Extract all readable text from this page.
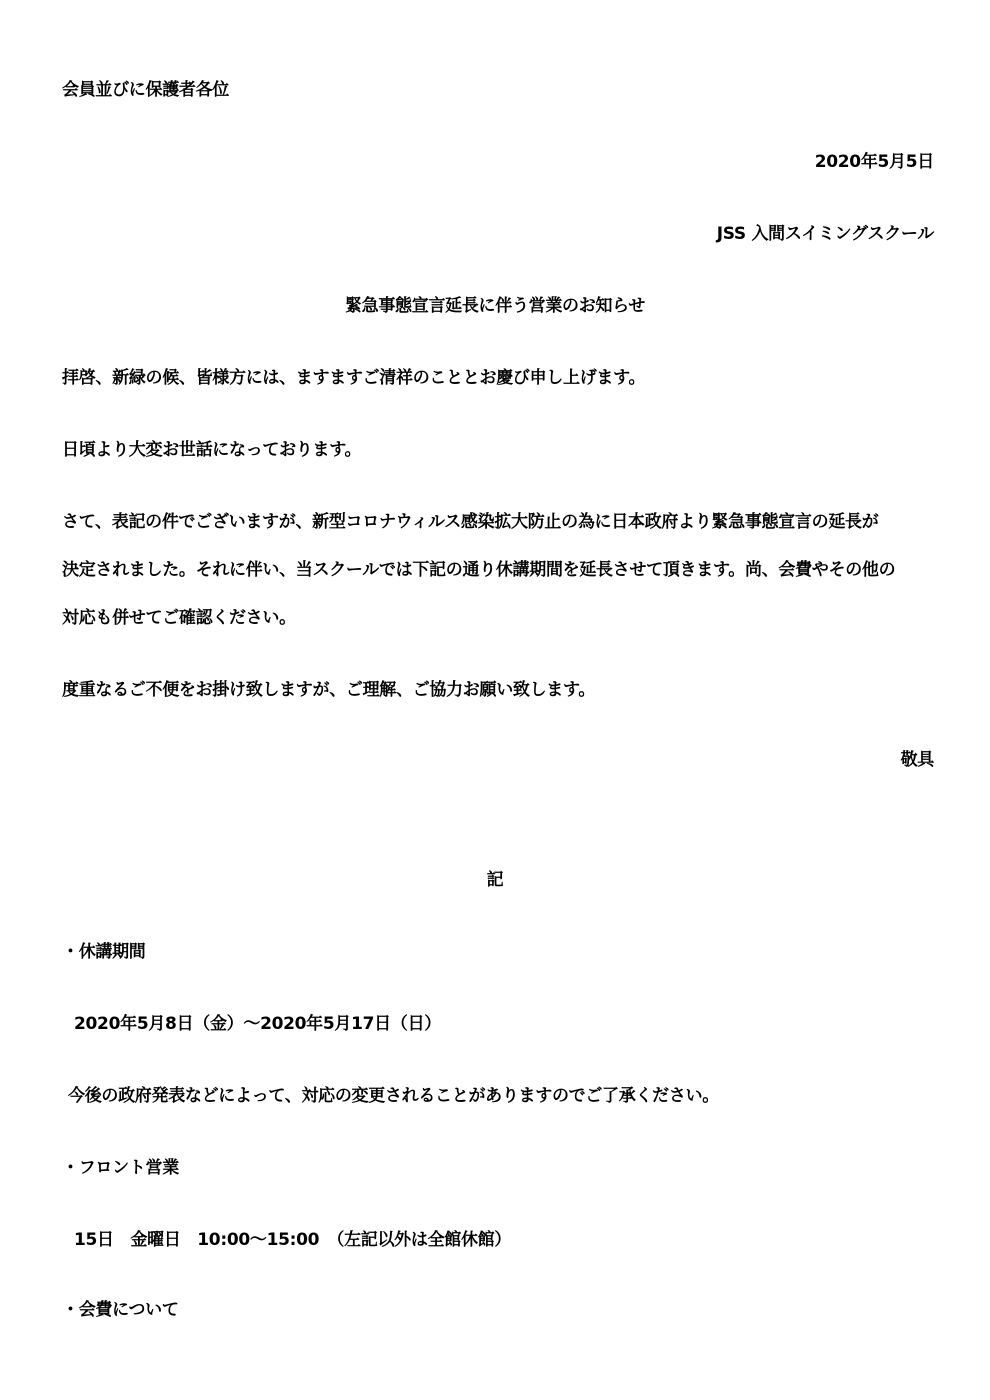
会員並びに保護者各位
2020年5月5日
JSS 入間スイミングスクール
緊急事態宣言延長に伴う営業のお知らせ
拝啓、新緑の候、皆様方には、ますますご清祥のこととお慶び申し上げます。
日頃より大変お世話になっております。
さて、表記の件でございますが、新型コロナウィルス感染拡大防止の為に日本政府より緊急事態宣言の延長が
決定されました。それに伴い、当スクールでは下記の通り休講期間を延長させて頂きます。尚、会費やその他の
対応も併せてご確認ください。
度重なるご不便をお掛け致しますが、ご理解、ご協力お願い致します。
敬具
記
・休講期間
2020年5月8日（金）～2020年5月17日（日）
今後の政府発表などによって、対応の変更されることがありますのでご了承ください。
・フロント営業
15日　金曜日　10:00～15:00　（左記以外は全館休館）
・会費について
